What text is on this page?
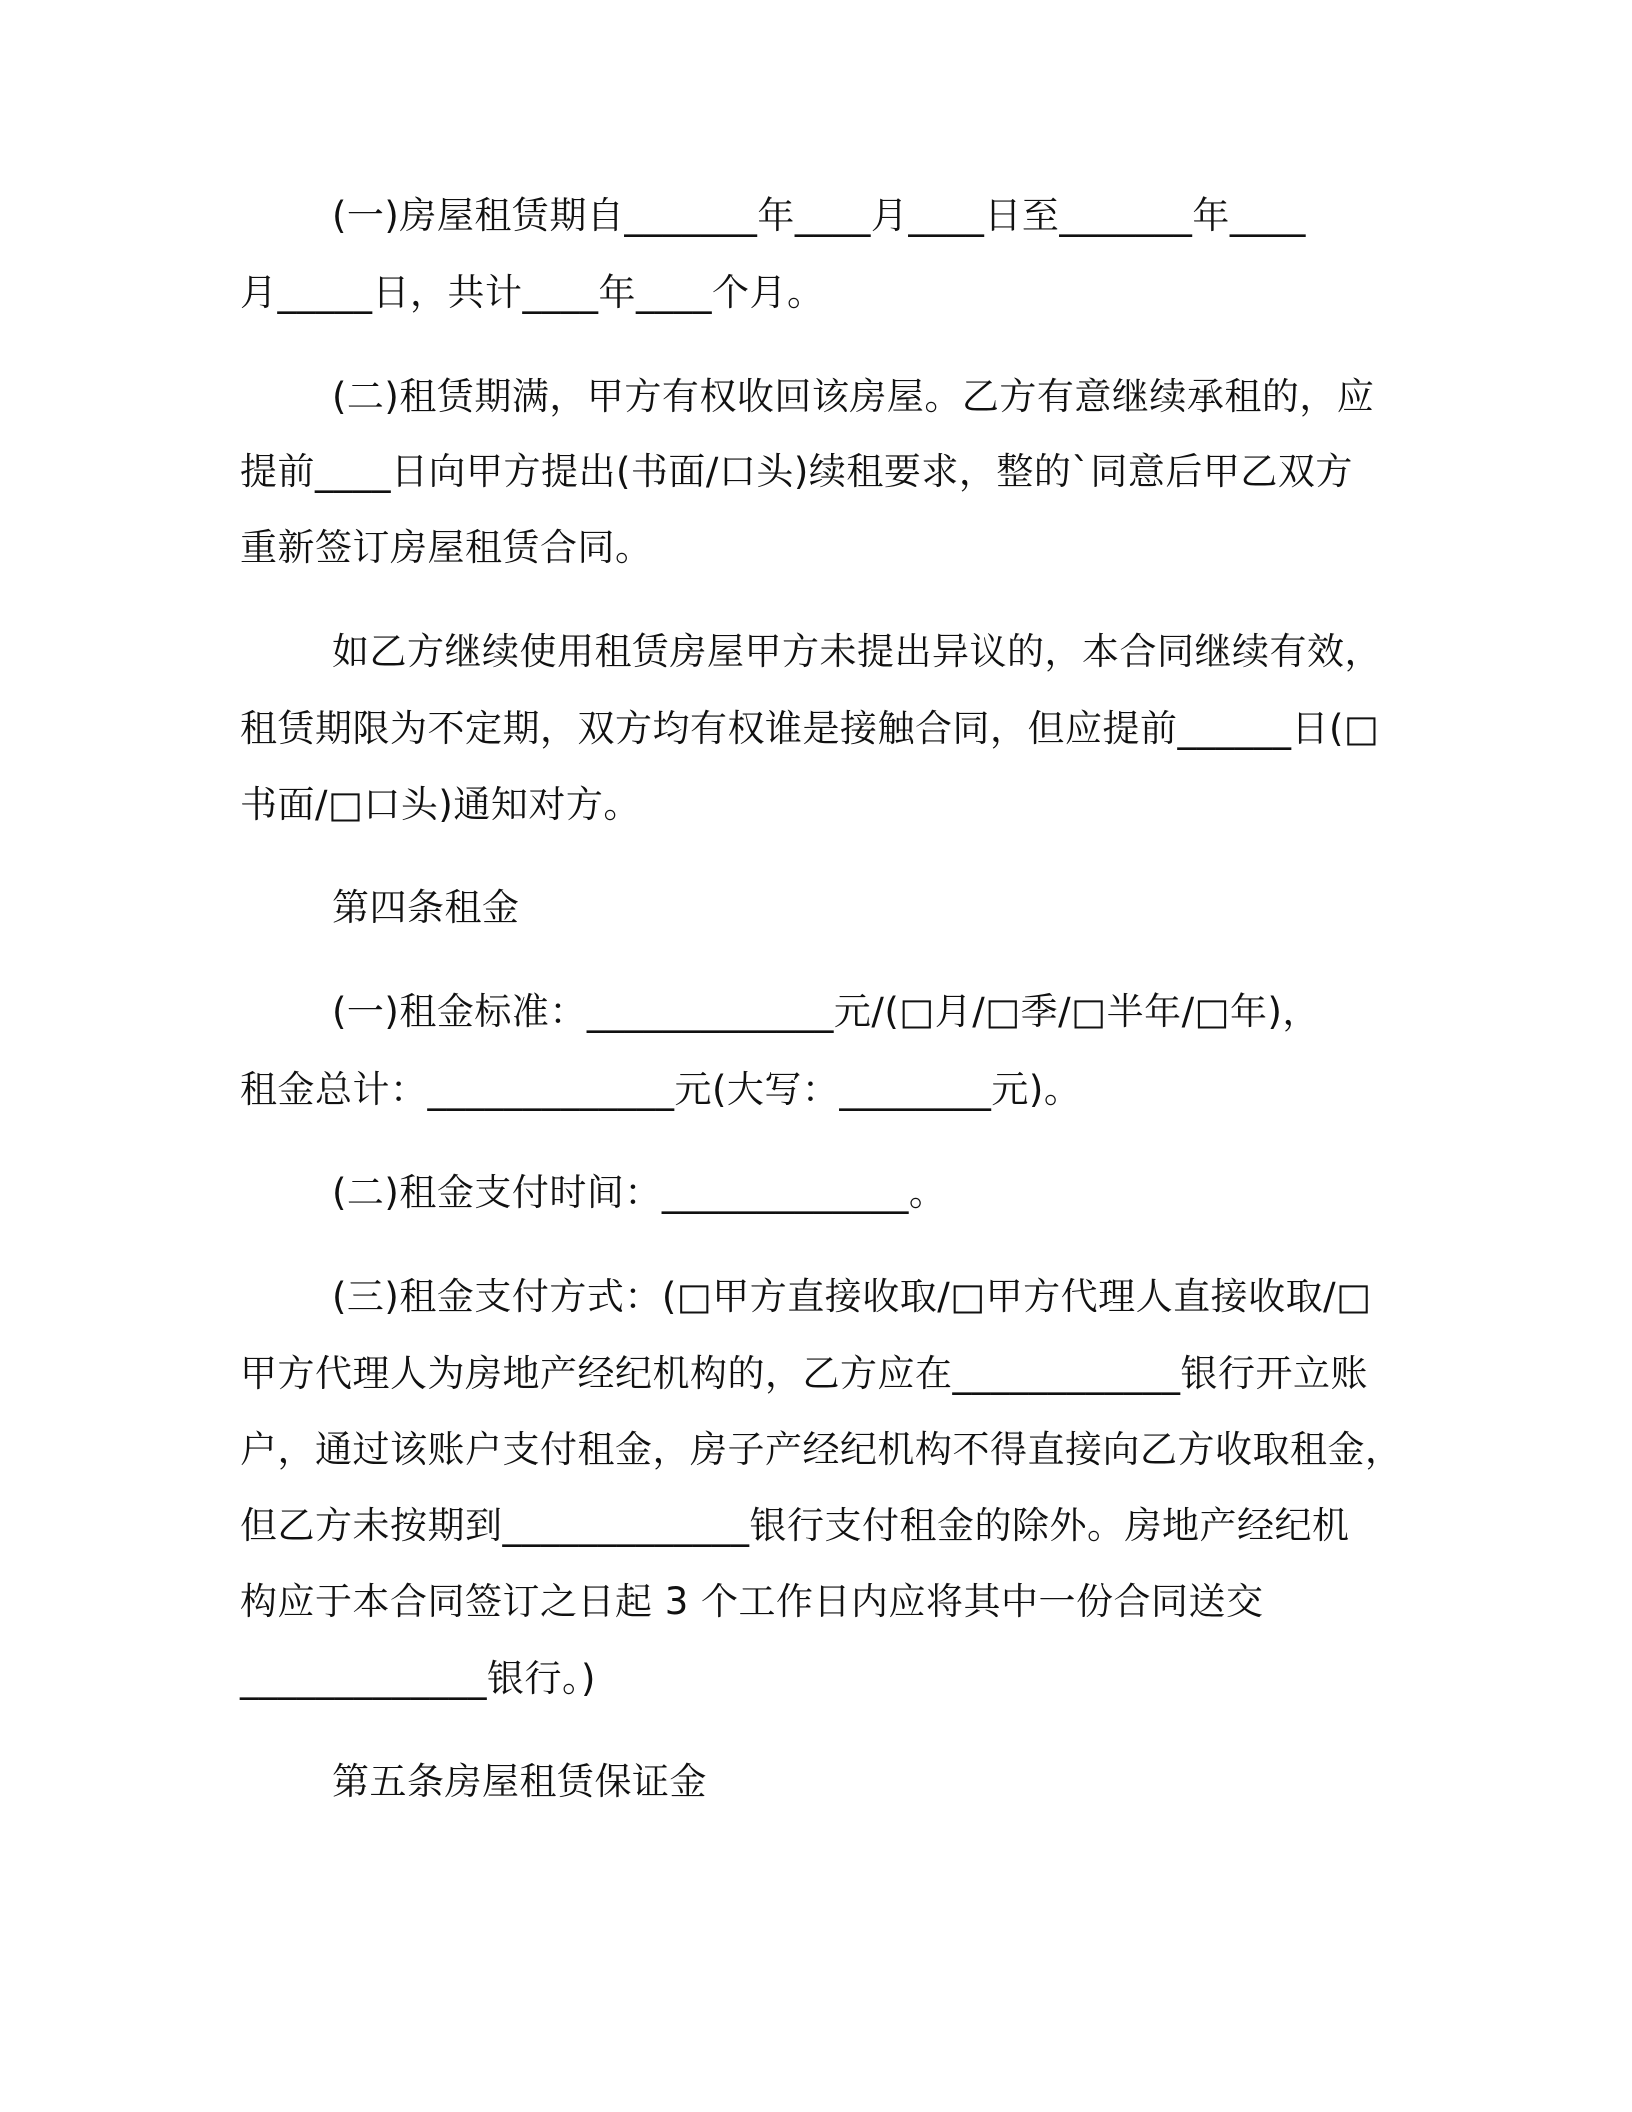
(一)房屋租赁期自_______年____月____日至_______年____
月_____日，共计____年____个月。
(二)租赁期满，甲方有权收回该房屋。乙方有意继续承租的，应
提前____日向甲方提出(书面/口头)续租要求，整的`同意后甲乙双方
重新签订房屋租赁合同。
如乙方继续使用租赁房屋甲方未提出异议的，本合同继续有效，
租赁期限为不定期，双方均有权谁是接触合同，但应提前______日(□
书面/□口头)通知对方。
第四条租金
(一)租金标准：_____________元/(□月/□季/□半年/□年)，
租金总计：_____________元(大写：________元)。
(二)租金支付时间：_____________。
(三)租金支付方式：(□甲方直接收取/□甲方代理人直接收取/□
甲方代理人为房地产经纪机构的，乙方应在____________银行开立账
户，通过该账户支付租金，房子产经纪机构不得直接向乙方收取租金，
但乙方未按期到_____________银行支付租金的除外。房地产经纪机
构应于本合同签订之日起 3 个工作日内应将其中一份合同送交
_____________银行。)
第五条房屋租赁保证金
